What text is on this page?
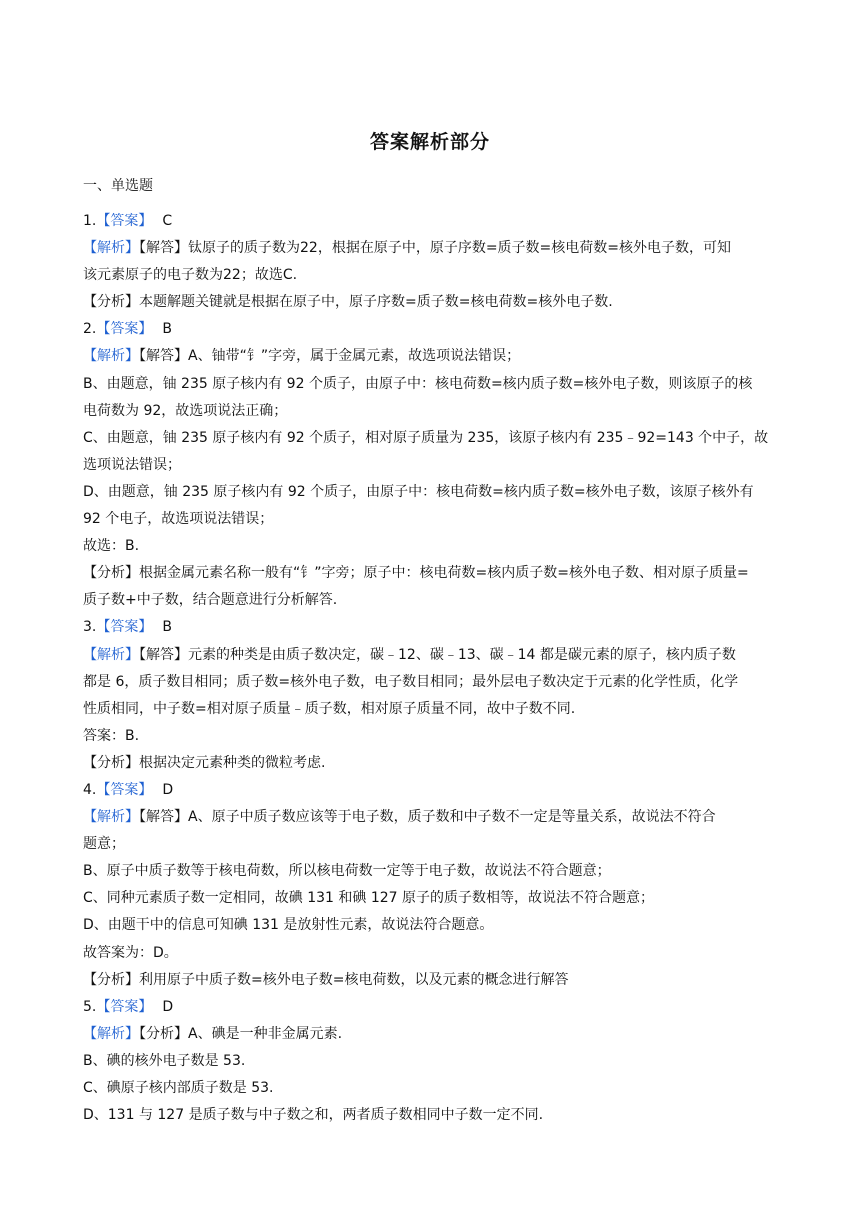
答案解析部分
一、单选题
1.【答案】 C
【解析】【解答】钛原子的质子数为22，根据在原子中，原子序数=质子数=核电荷数=核外电子数，可知
该元素原子的电子数为22；故选C.
【分析】本题解题关键就是根据在原子中，原子序数=质子数=核电荷数=核外电子数.
2.【答案】 B
【解析】【解答】A、铀带“钅”字旁，属于金属元素，故选项说法错误；
B、由题意，铀 235 原子核内有 92 个质子，由原子中：核电荷数=核内质子数=核外电子数，则该原子的核
电荷数为 92，故选项说法正确；
C、由题意，铀 235 原子核内有 92 个质子，相对原子质量为 235，该原子核内有 235﹣92=143 个中子，故
选项说法错误；
D、由题意，铀 235 原子核内有 92 个质子，由原子中：核电荷数=核内质子数=核外电子数，该原子核外有
92 个电子，故选项说法错误；
故选：B.
【分析】根据金属元素名称一般有“钅”字旁；原子中：核电荷数=核内质子数=核外电子数、相对原子质量=
质子数+中子数，结合题意进行分析解答.
3.【答案】 B
【解析】【解答】元素的种类是由质子数决定，碳﹣12、碳﹣13、碳﹣14 都是碳元素的原子，核内质子数
都是 6，质子数目相同；质子数=核外电子数，电子数目相同；最外层电子数决定于元素的化学性质，化学
性质相同，中子数=相对原子质量﹣质子数，相对原子质量不同，故中子数不同.
答案：B.
【分析】根据决定元素种类的微粒考虑.
4.【答案】 D
【解析】【解答】A、原子中质子数应该等于电子数，质子数和中子数不一定是等量关系，故说法不符合
题意；
B、原子中质子数等于核电荷数，所以核电荷数一定等于电子数，故说法不符合题意；
C、同种元素质子数一定相同，故碘 131 和碘 127 原子的质子数相等，故说法不符合题意；
D、由题干中的信息可知碘 131 是放射性元素，故说法符合题意。
故答案为：D。
【分析】利用原子中质子数=核外电子数=核电荷数，以及元素的概念进行解答
5.【答案】 D
【解析】【分析】A、碘是一种非金属元素.
B、碘的核外电子数是 53.
C、碘原子核内部质子数是 53.
D、131 与 127 是质子数与中子数之和，两者质子数相同中子数一定不同.
